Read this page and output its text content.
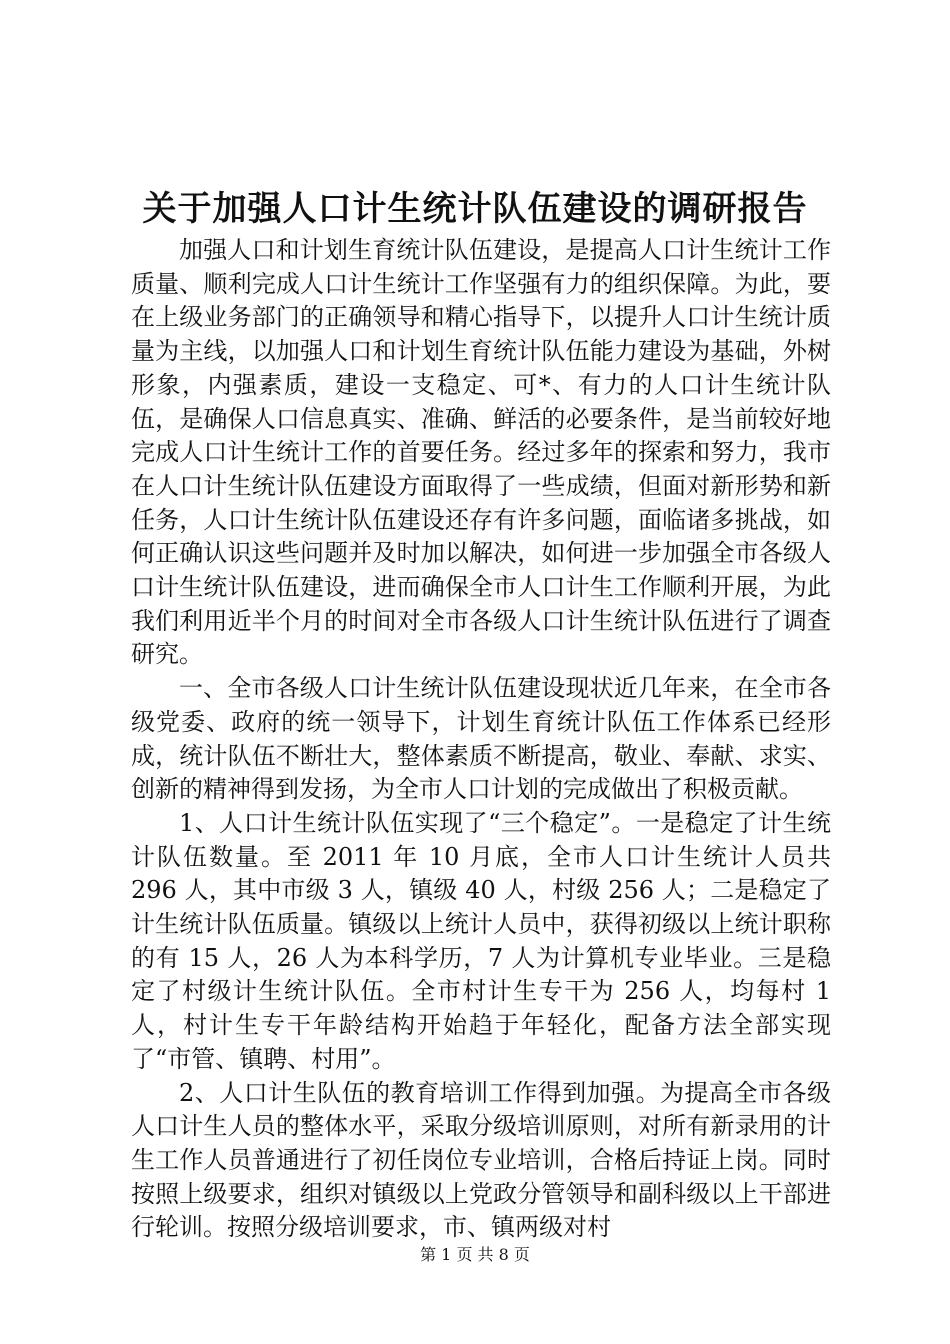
关于加强人口计生统计队伍建设的调研报告

加强人口和计划生育统计队伍建设，是提高人口计生统计工作质量、顺利完成人口计生统计工作坚强有力的组织保障。为此，要在上级业务部门的正确领导和精心指导下，以提升人口计生统计质量为主线，以加强人口和计划生育统计队伍能力建设为基础，外树形象，内强素质，建设一支稳定、可*、有力的人口计生统计队伍，是确保人口信息真实、准确、鲜活的必要条件，是当前较好地完成人口计生统计工作的首要任务。经过多年的探索和努力，我市在人口计生统计队伍建设方面取得了一些成绩，但面对新形势和新任务，人口计生统计队伍建设还存有许多问题，面临诸多挑战，如何正确认识这些问题并及时加以解决，如何进一步加强全市各级人口计生统计队伍建设，进而确保全市人口计生工作顺利开展，为此我们利用近半个月的时间对全市各级人口计生统计队伍进行了调查研究。

一、全市各级人口计生统计队伍建设现状近几年来，在全市各级党委、政府的统一领导下，计划生育统计队伍工作体系已经形成，统计队伍不断壮大，整体素质不断提高，敬业、奉献、求实、创新的精神得到发扬，为全市人口计划的完成做出了积极贡献。

1、人口计生统计队伍实现了“三个稳定”。一是稳定了计生统计队伍数量。至 2011 年 10 月底，全市人口计生统计人员共 296 人，其中市级 3 人，镇级 40 人，村级 256 人；二是稳定了计生统计队伍质量。镇级以上统计人员中，获得初级以上统计职称的有 15 人，26 人为本科学历，7 人为计算机专业毕业。三是稳定了村级计生统计队伍。全市村计生专干为 256 人，均每村 1 人，村计生专干年龄结构开始趋于年轻化，配备方法全部实现了“市管、镇聘、村用”。

2、人口计生队伍的教育培训工作得到加强。为提高全市各级人口计生人员的整体水平，采取分级培训原则，对所有新录用的计生工作人员普通进行了初任岗位专业培训，合格后持证上岗。同时按照上级要求，组织对镇级以上党政分管领导和副科级以上干部进行轮训。按照分级培训要求，市、镇两级对村

第 1 页 共 8 页
